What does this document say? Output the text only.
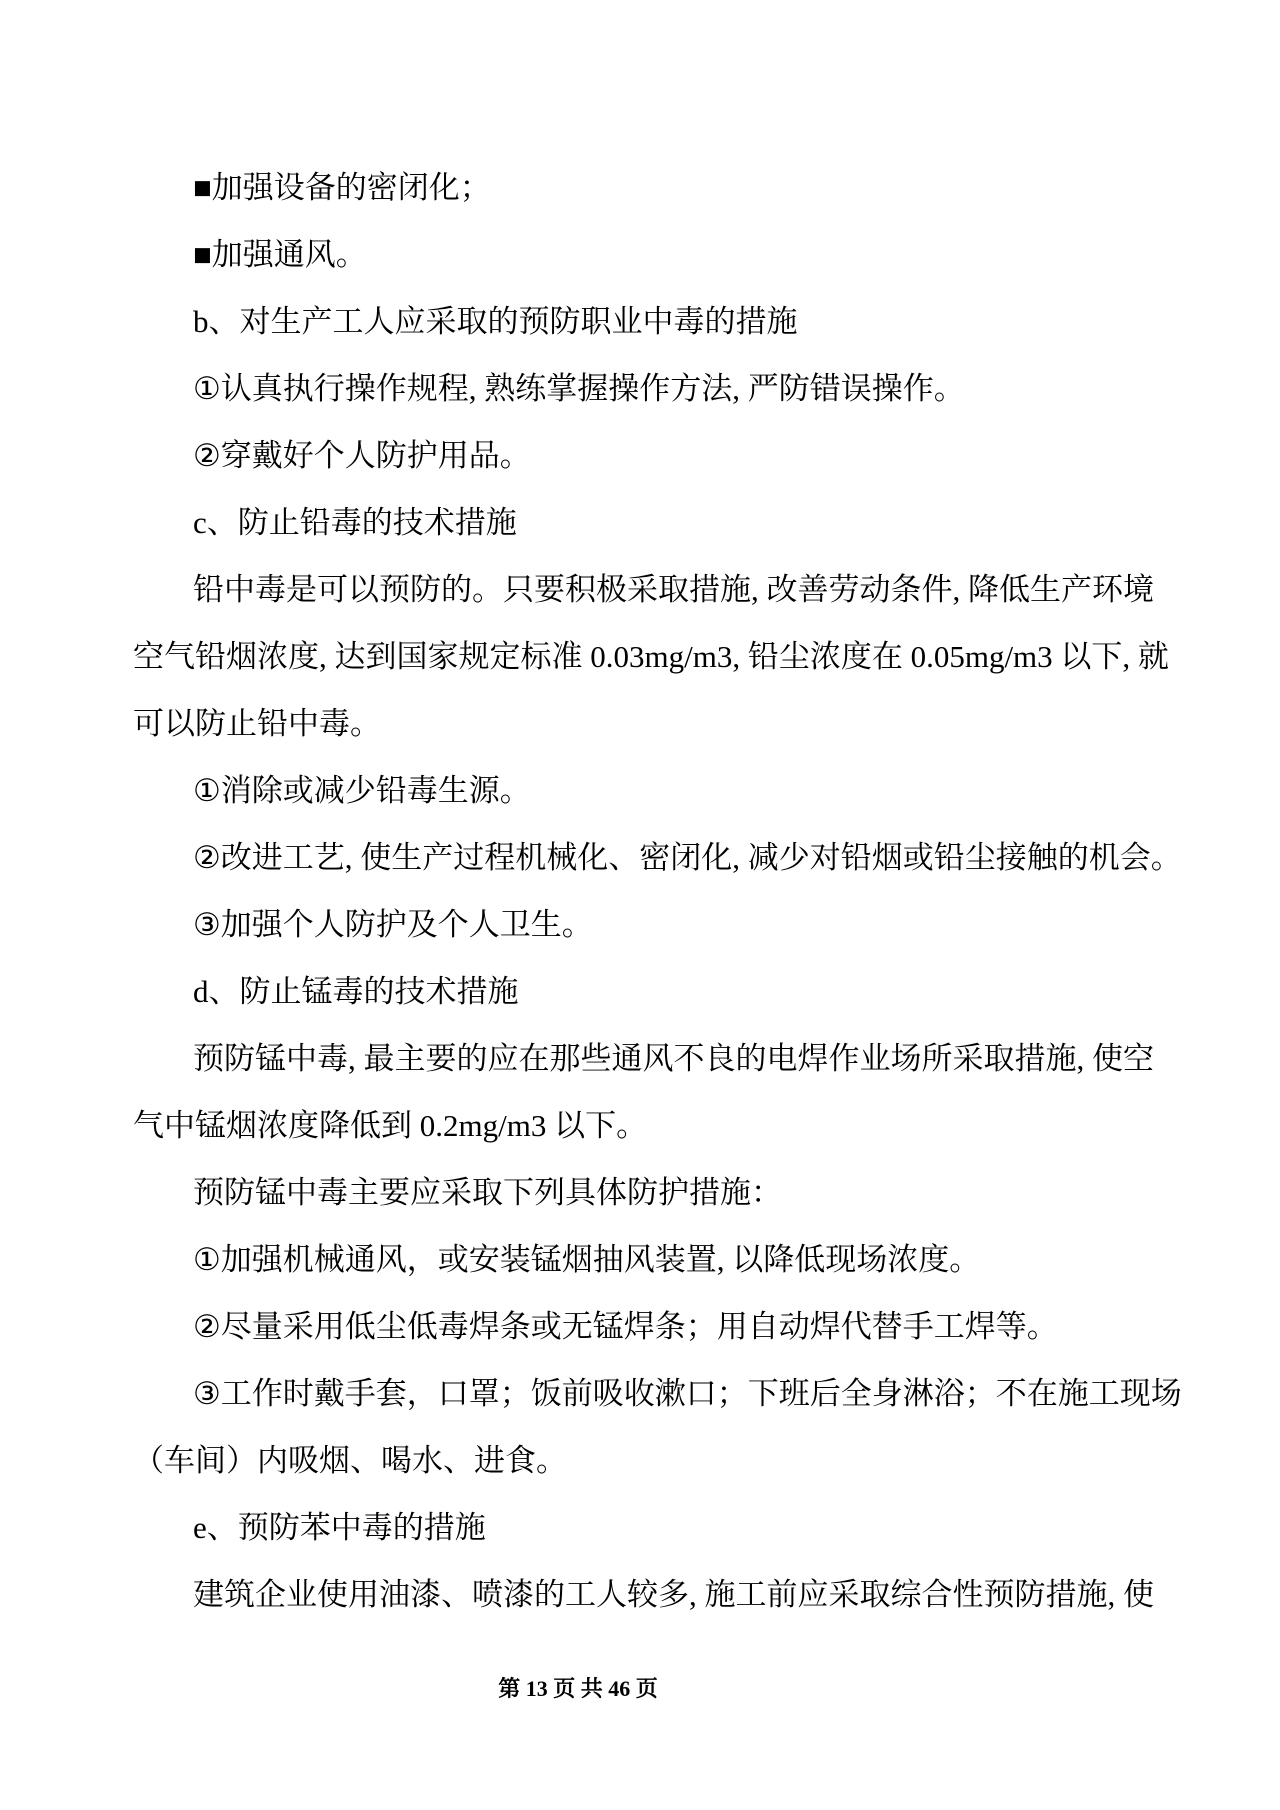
■加强设备的密闭化；
■加强通风。
b、对生产工人应采取的预防职业中毒的措施
①认真执行操作规程, 熟练掌握操作方法, 严防错误操作。
②穿戴好个人防护用品。
c、防止铅毒的技术措施
铅中毒是可以预防的。只要积极采取措施, 改善劳动条件, 降低生产环境
空气铅烟浓度, 达到国家规定标准 0.03mg/m3, 铅尘浓度在 0.05mg/m3 以下, 就
可以防止铅中毒。
①消除或减少铅毒生源。
②改进工艺, 使生产过程机械化、密闭化, 减少对铅烟或铅尘接触的机会。
③加强个人防护及个人卫生。
d、防止锰毒的技术措施
预防锰中毒, 最主要的应在那些通风不良的电焊作业场所采取措施, 使空
气中锰烟浓度降低到 0.2mg/m3 以下。
预防锰中毒主要应采取下列具体防护措施：
①加强机械通风，或安装锰烟抽风装置, 以降低现场浓度。
②尽量采用低尘低毒焊条或无锰焊条；用自动焊代替手工焊等。
③工作时戴手套，口罩；饭前吸收漱口；下班后全身淋浴；不在施工现场
（车间）内吸烟、喝水、进食。
e、预防苯中毒的措施
建筑企业使用油漆、喷漆的工人较多, 施工前应采取综合性预防措施, 使
第 13 页 共 46 页
